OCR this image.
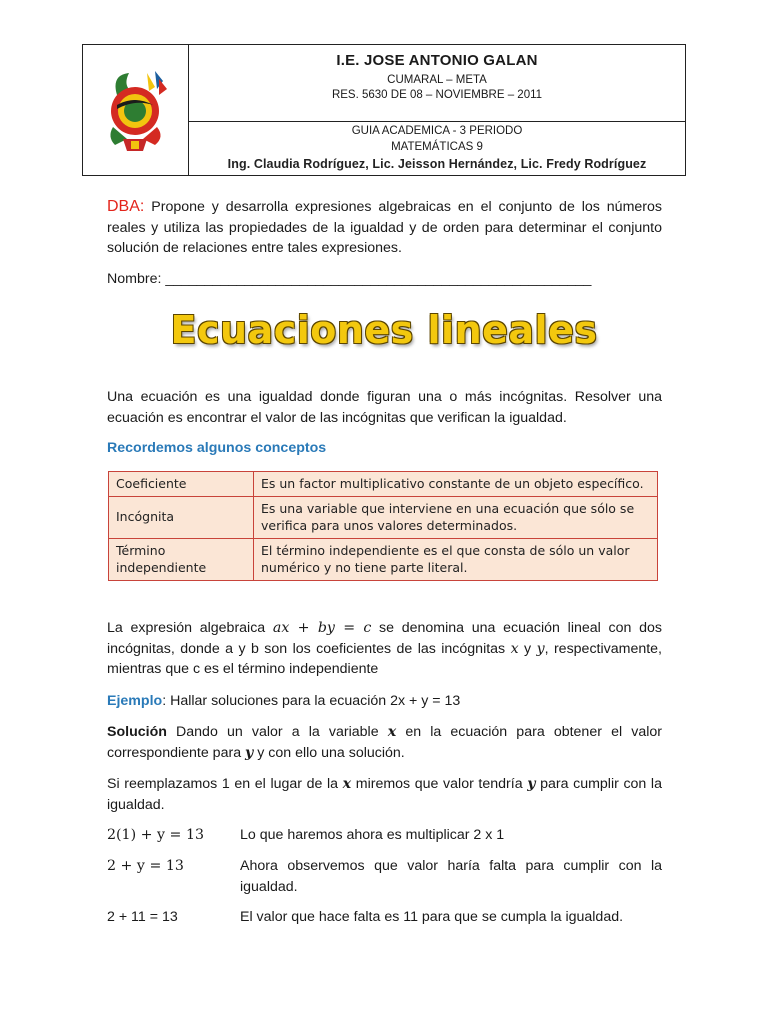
I.E. JOSE ANTONIO GALAN
CUMARAL – META
RES. 5630 DE 08 – NOVIEMBRE – 2011
GUIA ACADEMICA - 3 PERIODO
MATEMÁTICAS 9
Ing. Claudia Rodríguez, Lic. Jeisson Hernández, Lic. Fredy Rodríguez
DBA: Propone y desarrolla expresiones algebraicas en el conjunto de los números reales y utiliza las propiedades de la igualdad y de orden para determinar el conjunto solución de relaciones entre tales expresiones.
Nombre: ______________________________________________________
Ecuaciones lineales
Una ecuación es una igualdad donde figuran una o más incógnitas. Resolver una ecuación es encontrar el valor de las incógnitas que verifican la igualdad.
Recordemos algunos conceptos
Coeficiente	Es un factor multiplicativo constante de un objeto específico.
Incógnita	Es una variable que interviene en una ecuación que sólo se verifica para unos valores determinados.
Término independiente	El término independiente es el que consta de sólo un valor numérico y no tiene parte literal.
La expresión algebraica ax + by = c se denomina una ecuación lineal con dos incógnitas, donde a y b son los coeficientes de las incógnitas x y y, respectivamente, mientras que c es el término independiente
Ejemplo: Hallar soluciones para la ecuación 2x + y = 13
Solución Dando un valor a la variable x en la ecuación para obtener el valor correspondiente para y y con ello una solución.
Si reemplazamos 1 en el lugar de la x miremos que valor tendría y para cumplir con la igualdad.
2(1) + y = 13	Lo que haremos ahora es multiplicar 2 x 1
2 + y = 13	Ahora observemos que valor haría falta para cumplir con la igualdad.
2 + 11 = 13	El valor que hace falta es 11 para que se cumpla la igualdad.
